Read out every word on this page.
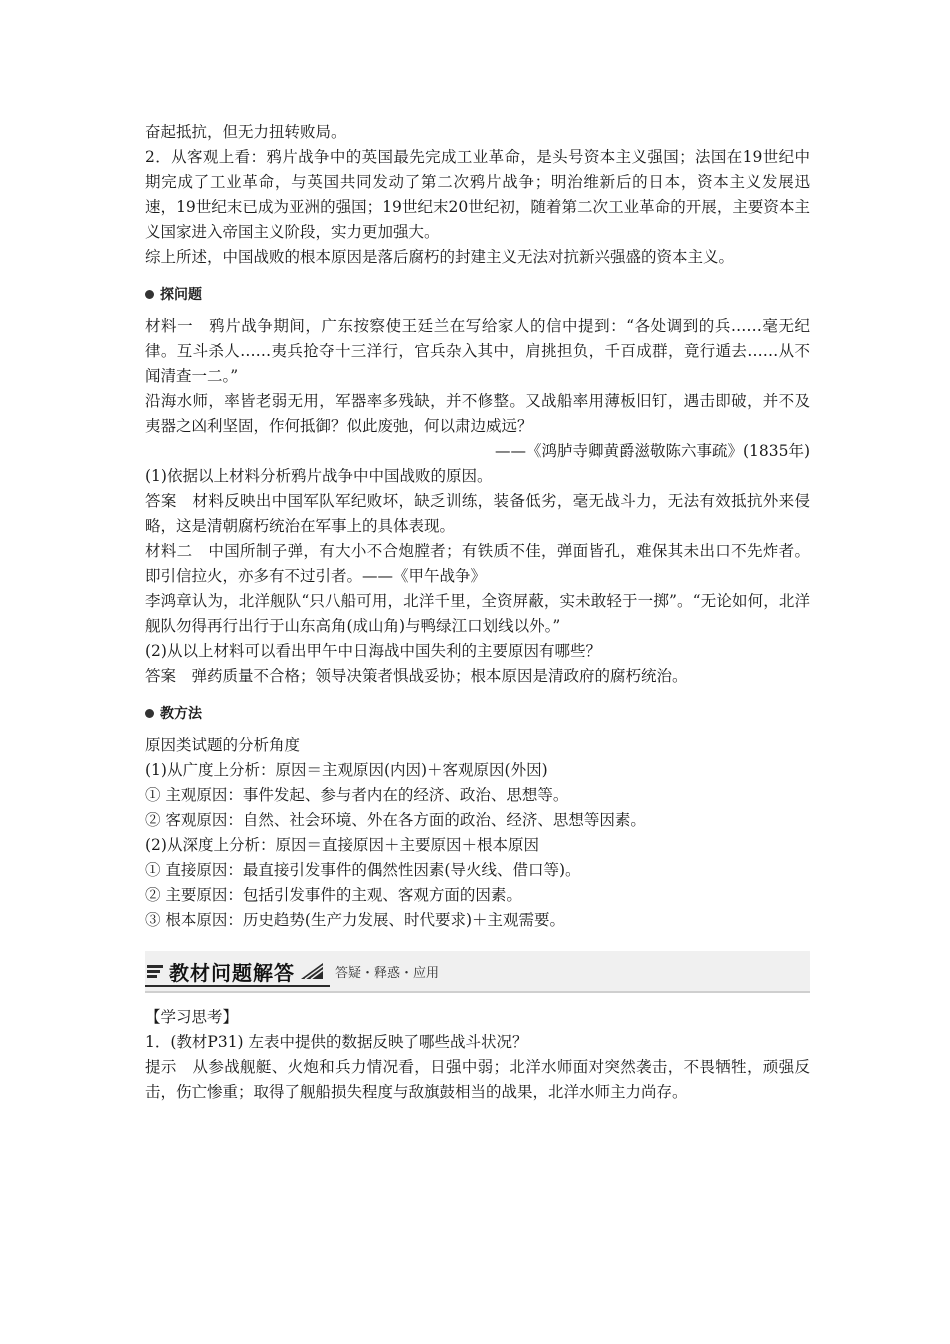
奋起抵抗，但无力扭转败局。

2．从客观上看：鸦片战争中的英国最先完成工业革命，是头号资本主义强国；法国在19世纪中期完成了工业革命，与英国共同发动了第二次鸦片战争；明治维新后的日本，资本主义发展迅速，19世纪末已成为亚洲的强国；19世纪末20世纪初，随着第二次工业革命的开展，主要资本主义国家进入帝国主义阶段，实力更加强大。

综上所述，中国战败的根本原因是落后腐朽的封建主义无法对抗新兴强盛的资本主义。

探问题

材料一　鸦片战争期间，广东按察使王廷兰在写给家人的信中提到：“各处调到的兵……毫无纪律。互斗杀人……夷兵抢夺十三洋行，官兵杂入其中，肩挑担负，千百成群，竟行遁去……从不闻清查一二。”

沿海水师，率皆老弱无用，军器率多残缺，并不修整。又战船率用薄板旧钉，遇击即破，并不及夷器之凶利坚固，作何抵御？似此废弛，何以肃边威远？

——《鸿胪寺卿黄爵滋敬陈六事疏》(1835年)

(1)依据以上材料分析鸦片战争中中国战败的原因。

答案　材料反映出中国军队军纪败坏，缺乏训练，装备低劣，毫无战斗力，无法有效抵抗外来侵略，这是清朝腐朽统治在军事上的具体表现。

材料二　中国所制子弹，有大小不合炮膛者；有铁质不佳，弹面皆孔，难保其未出口不先炸者。即引信拉火，亦多有不过引者。——《甲午战争》

李鸿章认为，北洋舰队“只八船可用，北洋千里，全资屏蔽，实未敢轻于一掷”。“无论如何，北洋舰队勿得再行出行于山东高角(成山角)与鸭绿江口划线以外。”

(2)从以上材料可以看出甲午中日海战中国失利的主要原因有哪些？

答案　弹药质量不合格；领导决策者惧战妥协；根本原因是清政府的腐朽统治。

教方法

原因类试题的分析角度

(1)从广度上分析：原因＝主观原因(内因)＋客观原因(外因)

① 主观原因：事件发起、参与者内在的经济、政治、思想等。

② 客观原因：自然、社会环境、外在各方面的政治、经济、思想等因素。

(2)从深度上分析：原因＝直接原因＋主要原因＋根本原因

① 直接原因：最直接引发事件的偶然性因素(导火线、借口等)。

② 主要原因：包括引发事件的主观、客观方面的因素。

③ 根本原因：历史趋势(生产力发展、时代要求)＋主观需要。

教材问题解答	答疑・释惑・应用

【学习思考】

1．(教材P31) 左表中提供的数据反映了哪些战斗状况？

提示　从参战舰艇、火炮和兵力情况看，日强中弱；北洋水师面对突然袭击，不畏牺牲，顽强反击，伤亡惨重；取得了舰船损失程度与敌旗鼓相当的战果，北洋水师主力尚存。
